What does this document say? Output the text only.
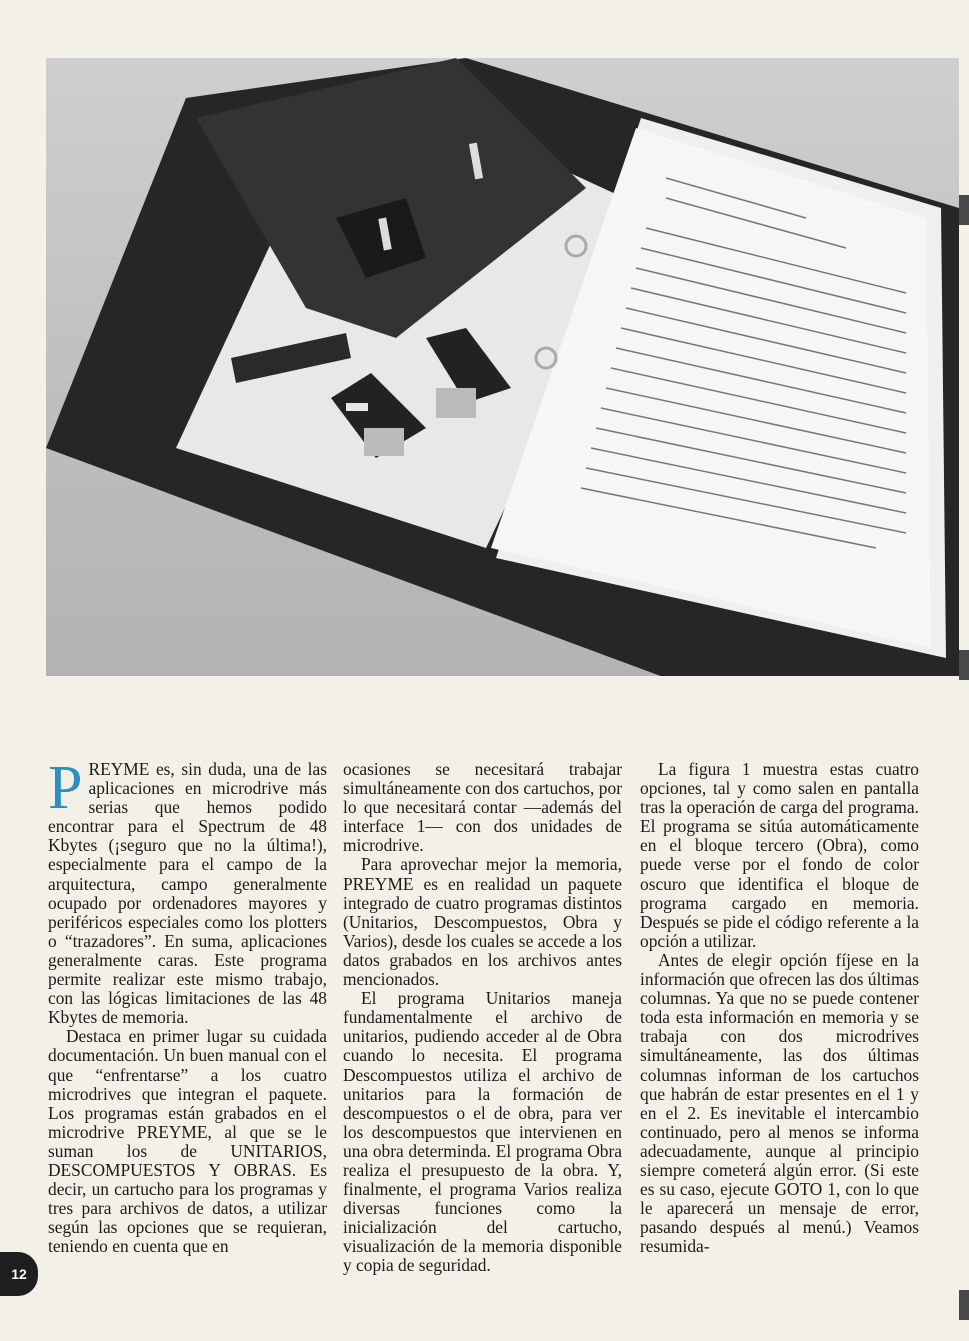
P REYME es, sin duda, una de las aplicaciones en microdrive más serias que hemos podido encontrar para el Spectrum de 48 Kbytes (¡seguro que no la última!), especialmente para el campo de la arquitectura, campo generalmente ocupado por ordenadores mayores y periféricos especiales como los plotters o “trazadores”. En suma, aplicaciones generalmente caras. Este programa permite realizar este mismo trabajo, con las lógicas limitaciones de las 48 Kbytes de memoria.

Destaca en primer lugar su cuidada documentación. Un buen manual con el que “enfrentarse” a los cuatro microdrives que integran el paquete. Los programas están grabados en el microdrive PREYME, al que se le suman los de UNITARIOS, DESCOMPUESTOS Y OBRAS. Es decir, un cartucho para los programas y tres para archivos de datos, a utilizar según las opciones que se requieran, teniendo en cuenta que en

ocasiones se necesitará trabajar simultáneamente con dos cartuchos, por lo que necesitará contar —además del interface 1— con dos unidades de microdrive.

Para aprovechar mejor la memoria, PREYME es en realidad un paquete integrado de cuatro programas distintos (Unitarios, Descompuestos, Obra y Varios), desde los cuales se accede a los datos grabados en los archivos antes mencionados.

El programa Unitarios maneja fundamentalmente el archivo de unitarios, pudiendo acceder al de Obra cuando lo necesita. El programa Descompuestos utiliza el archivo de unitarios para la formación de descompuestos o el de obra, para ver los descompuestos que intervienen en una obra determinda. El programa Obra realiza el presupuesto de la obra. Y, finalmente, el programa Varios realiza diversas funciones como la inicialización del cartucho, visualización de la memoria disponible y copia de seguridad.

La figura 1 muestra estas cuatro opciones, tal y como salen en pantalla tras la operación de carga del programa. El programa se sitúa automáticamente en el bloque tercero (Obra), como puede verse por el fondo de color oscuro que identifica el bloque de programa cargado en memoria. Después se pide el código referente a la opción a utilizar.

Antes de elegir opción fíjese en la información que ofrecen las dos últimas columnas. Ya que no se puede contener toda esta información en memoria y se trabaja con dos microdrives simultáneamente, las dos últimas columnas informan de los cartuchos que habrán de estar presentes en el 1 y en el 2. Es inevitable el intercambio continuado, pero al menos se informa adecuadamente, aunque al principio siempre cometerá algún error. (Si este es su caso, ejecute GOTO 1, con lo que le aparecerá un mensaje de error, pasando después al menú.) Veamos resumida-

12
